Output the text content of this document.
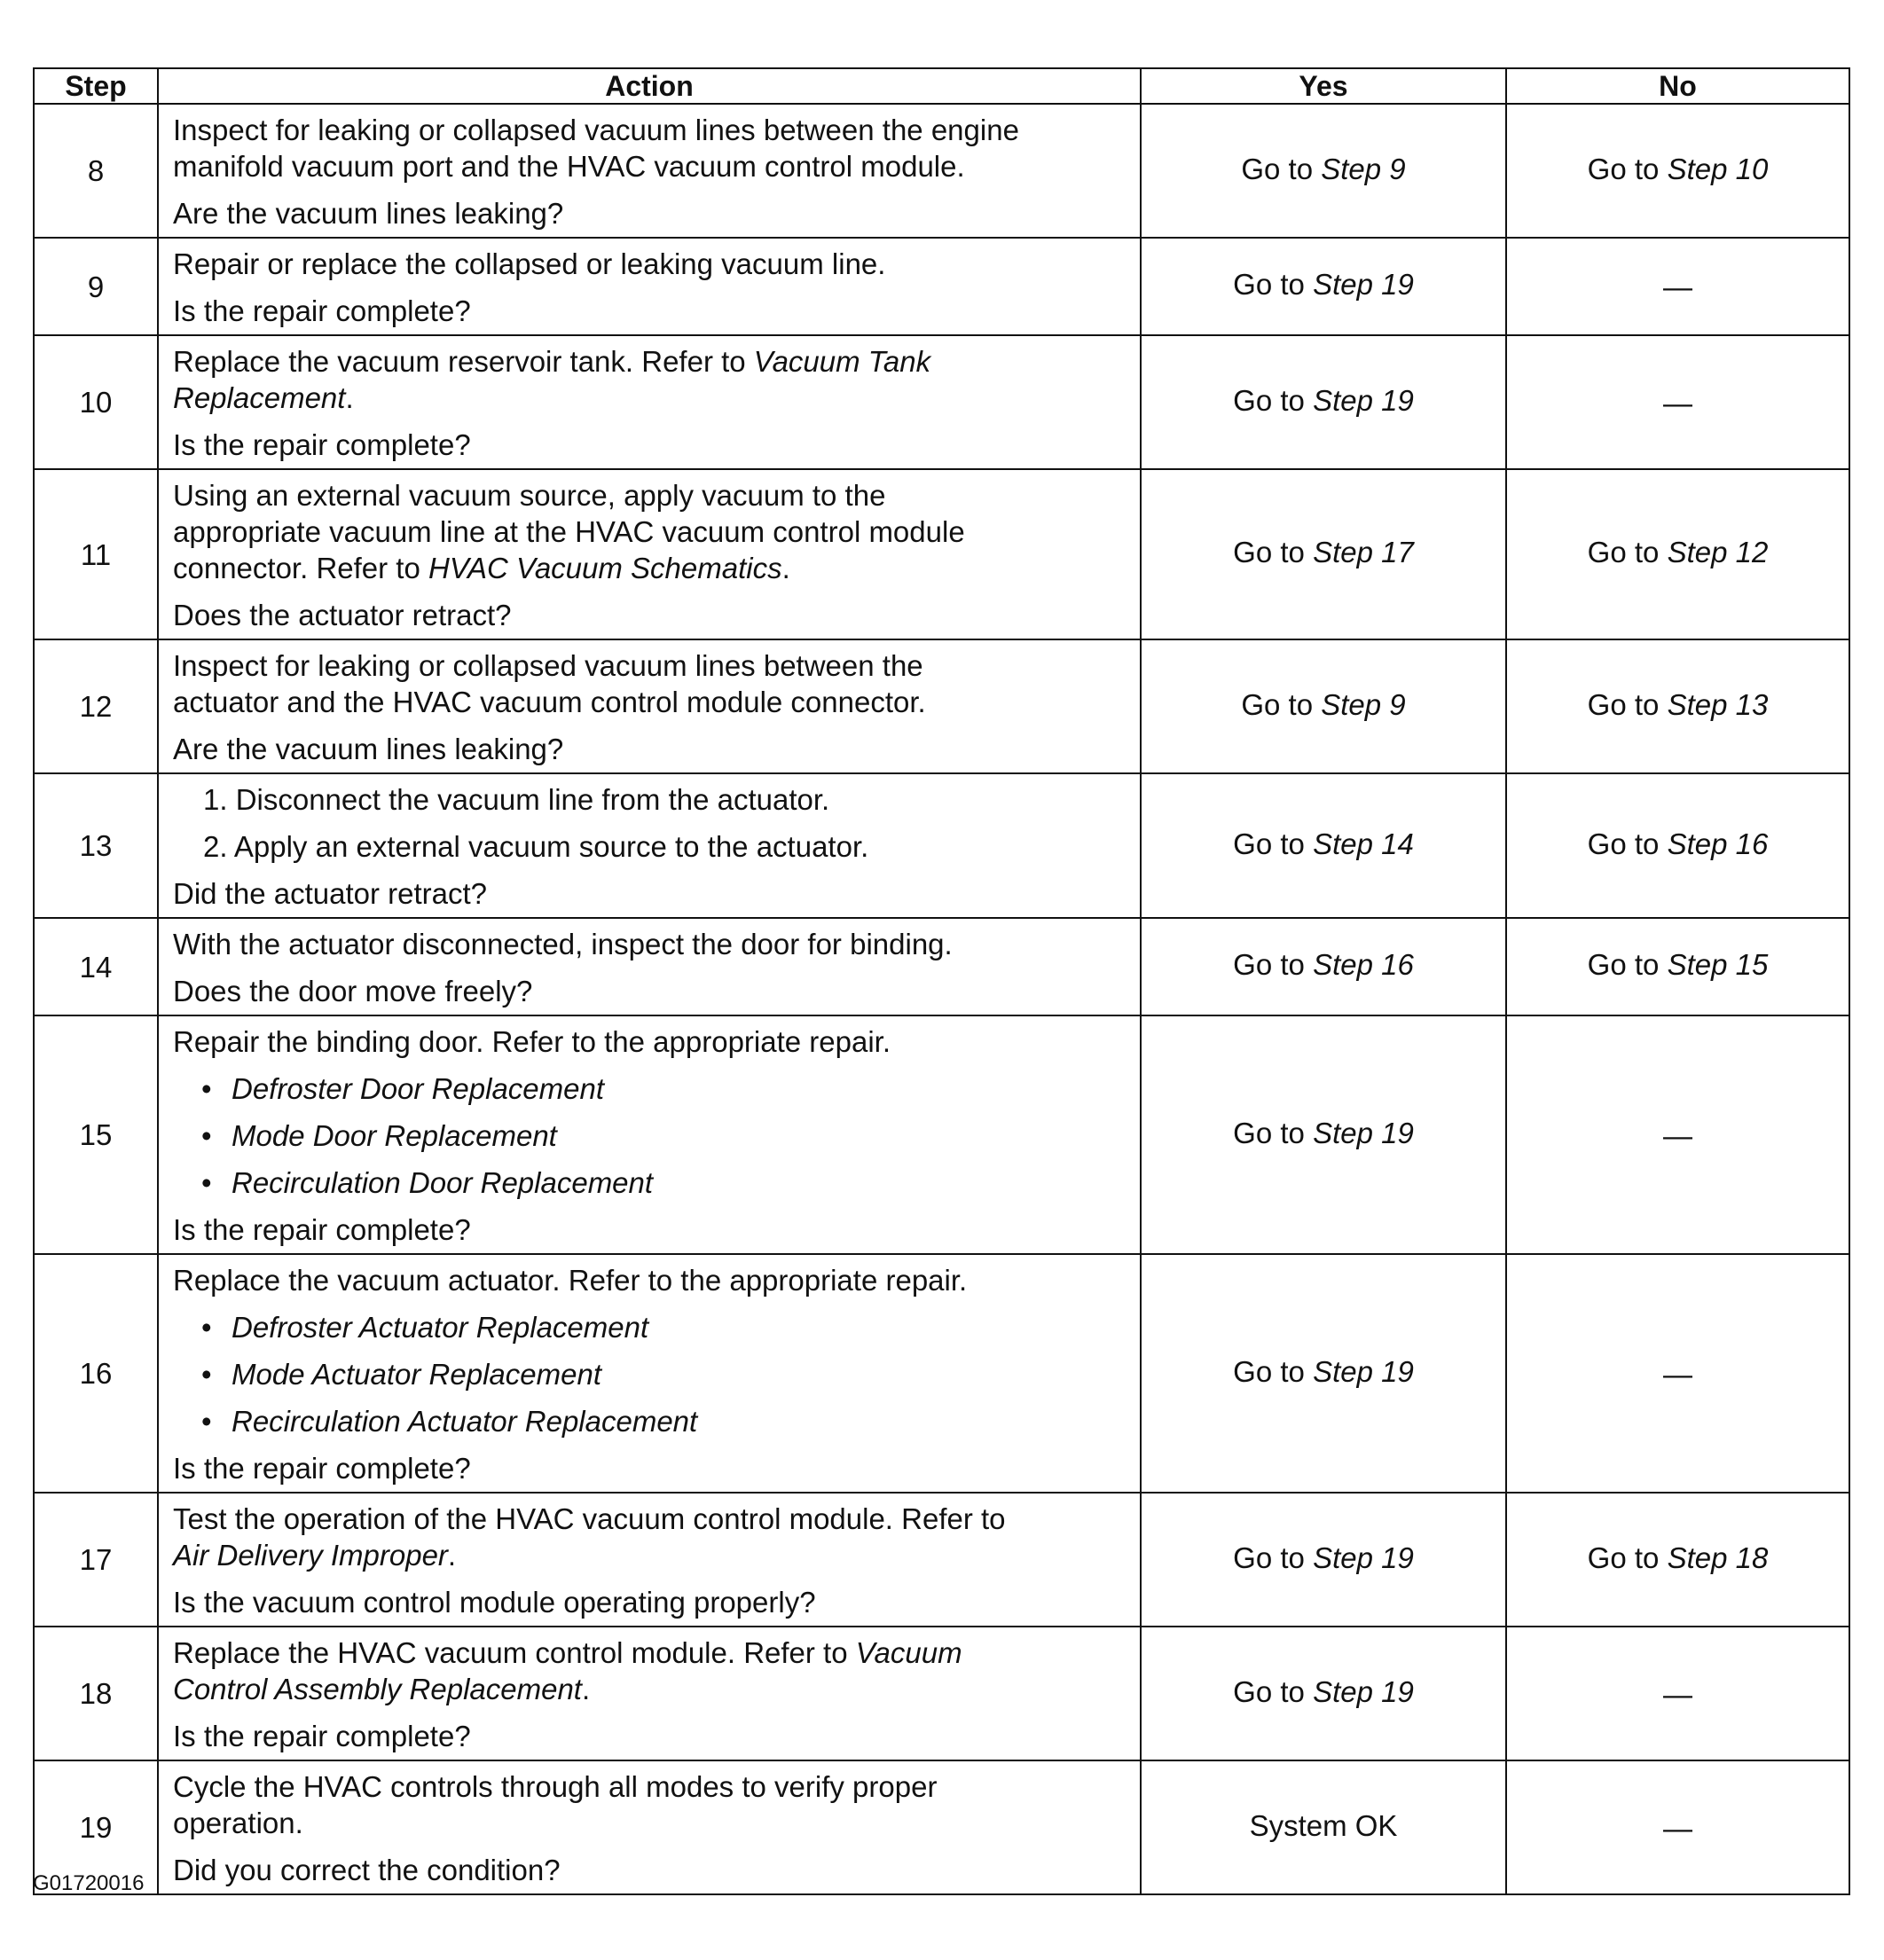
Step	Action	Yes	No
8	Inspect for leaking or collapsed vacuum lines between the engine
manifold vacuum port and the HVAC vacuum control module.
Are the vacuum lines leaking?	Go to Step 9	Go to Step 10
9	Repair or replace the collapsed or leaking vacuum line.
Is the repair complete?	Go to Step 19	—
10	Replace the vacuum reservoir tank. Refer to Vacuum Tank
Replacement.
Is the repair complete?	Go to Step 19	—
11	Using an external vacuum source, apply vacuum to the
appropriate vacuum line at the HVAC vacuum control module
connector. Refer to HVAC Vacuum Schematics.
Does the actuator retract?	Go to Step 17	Go to Step 12
12	Inspect for leaking or collapsed vacuum lines between the
actuator and the HVAC vacuum control module connector.
Are the vacuum lines leaking?	Go to Step 9	Go to Step 13
13	1. Disconnect the vacuum line from the actuator.
2. Apply an external vacuum source to the actuator.
Did the actuator retract?	Go to Step 14	Go to Step 16
14	With the actuator disconnected, inspect the door for binding.
Does the door move freely?	Go to Step 16	Go to Step 15
15	Repair the binding door. Refer to the appropriate repair.
• Defroster Door Replacement
• Mode Door Replacement
• Recirculation Door Replacement
Is the repair complete?	Go to Step 19	—
16	Replace the vacuum actuator. Refer to the appropriate repair.
• Defroster Actuator Replacement
• Mode Actuator Replacement
• Recirculation Actuator Replacement
Is the repair complete?	Go to Step 19	—
17	Test the operation of the HVAC vacuum control module. Refer to
Air Delivery Improper.
Is the vacuum control module operating properly?	Go to Step 19	Go to Step 18
18	Replace the HVAC vacuum control module. Refer to Vacuum
Control Assembly Replacement.
Is the repair complete?	Go to Step 19	—
19	Cycle the HVAC controls through all modes to verify proper
operation.
Did you correct the condition?	System OK	—
G01720016
